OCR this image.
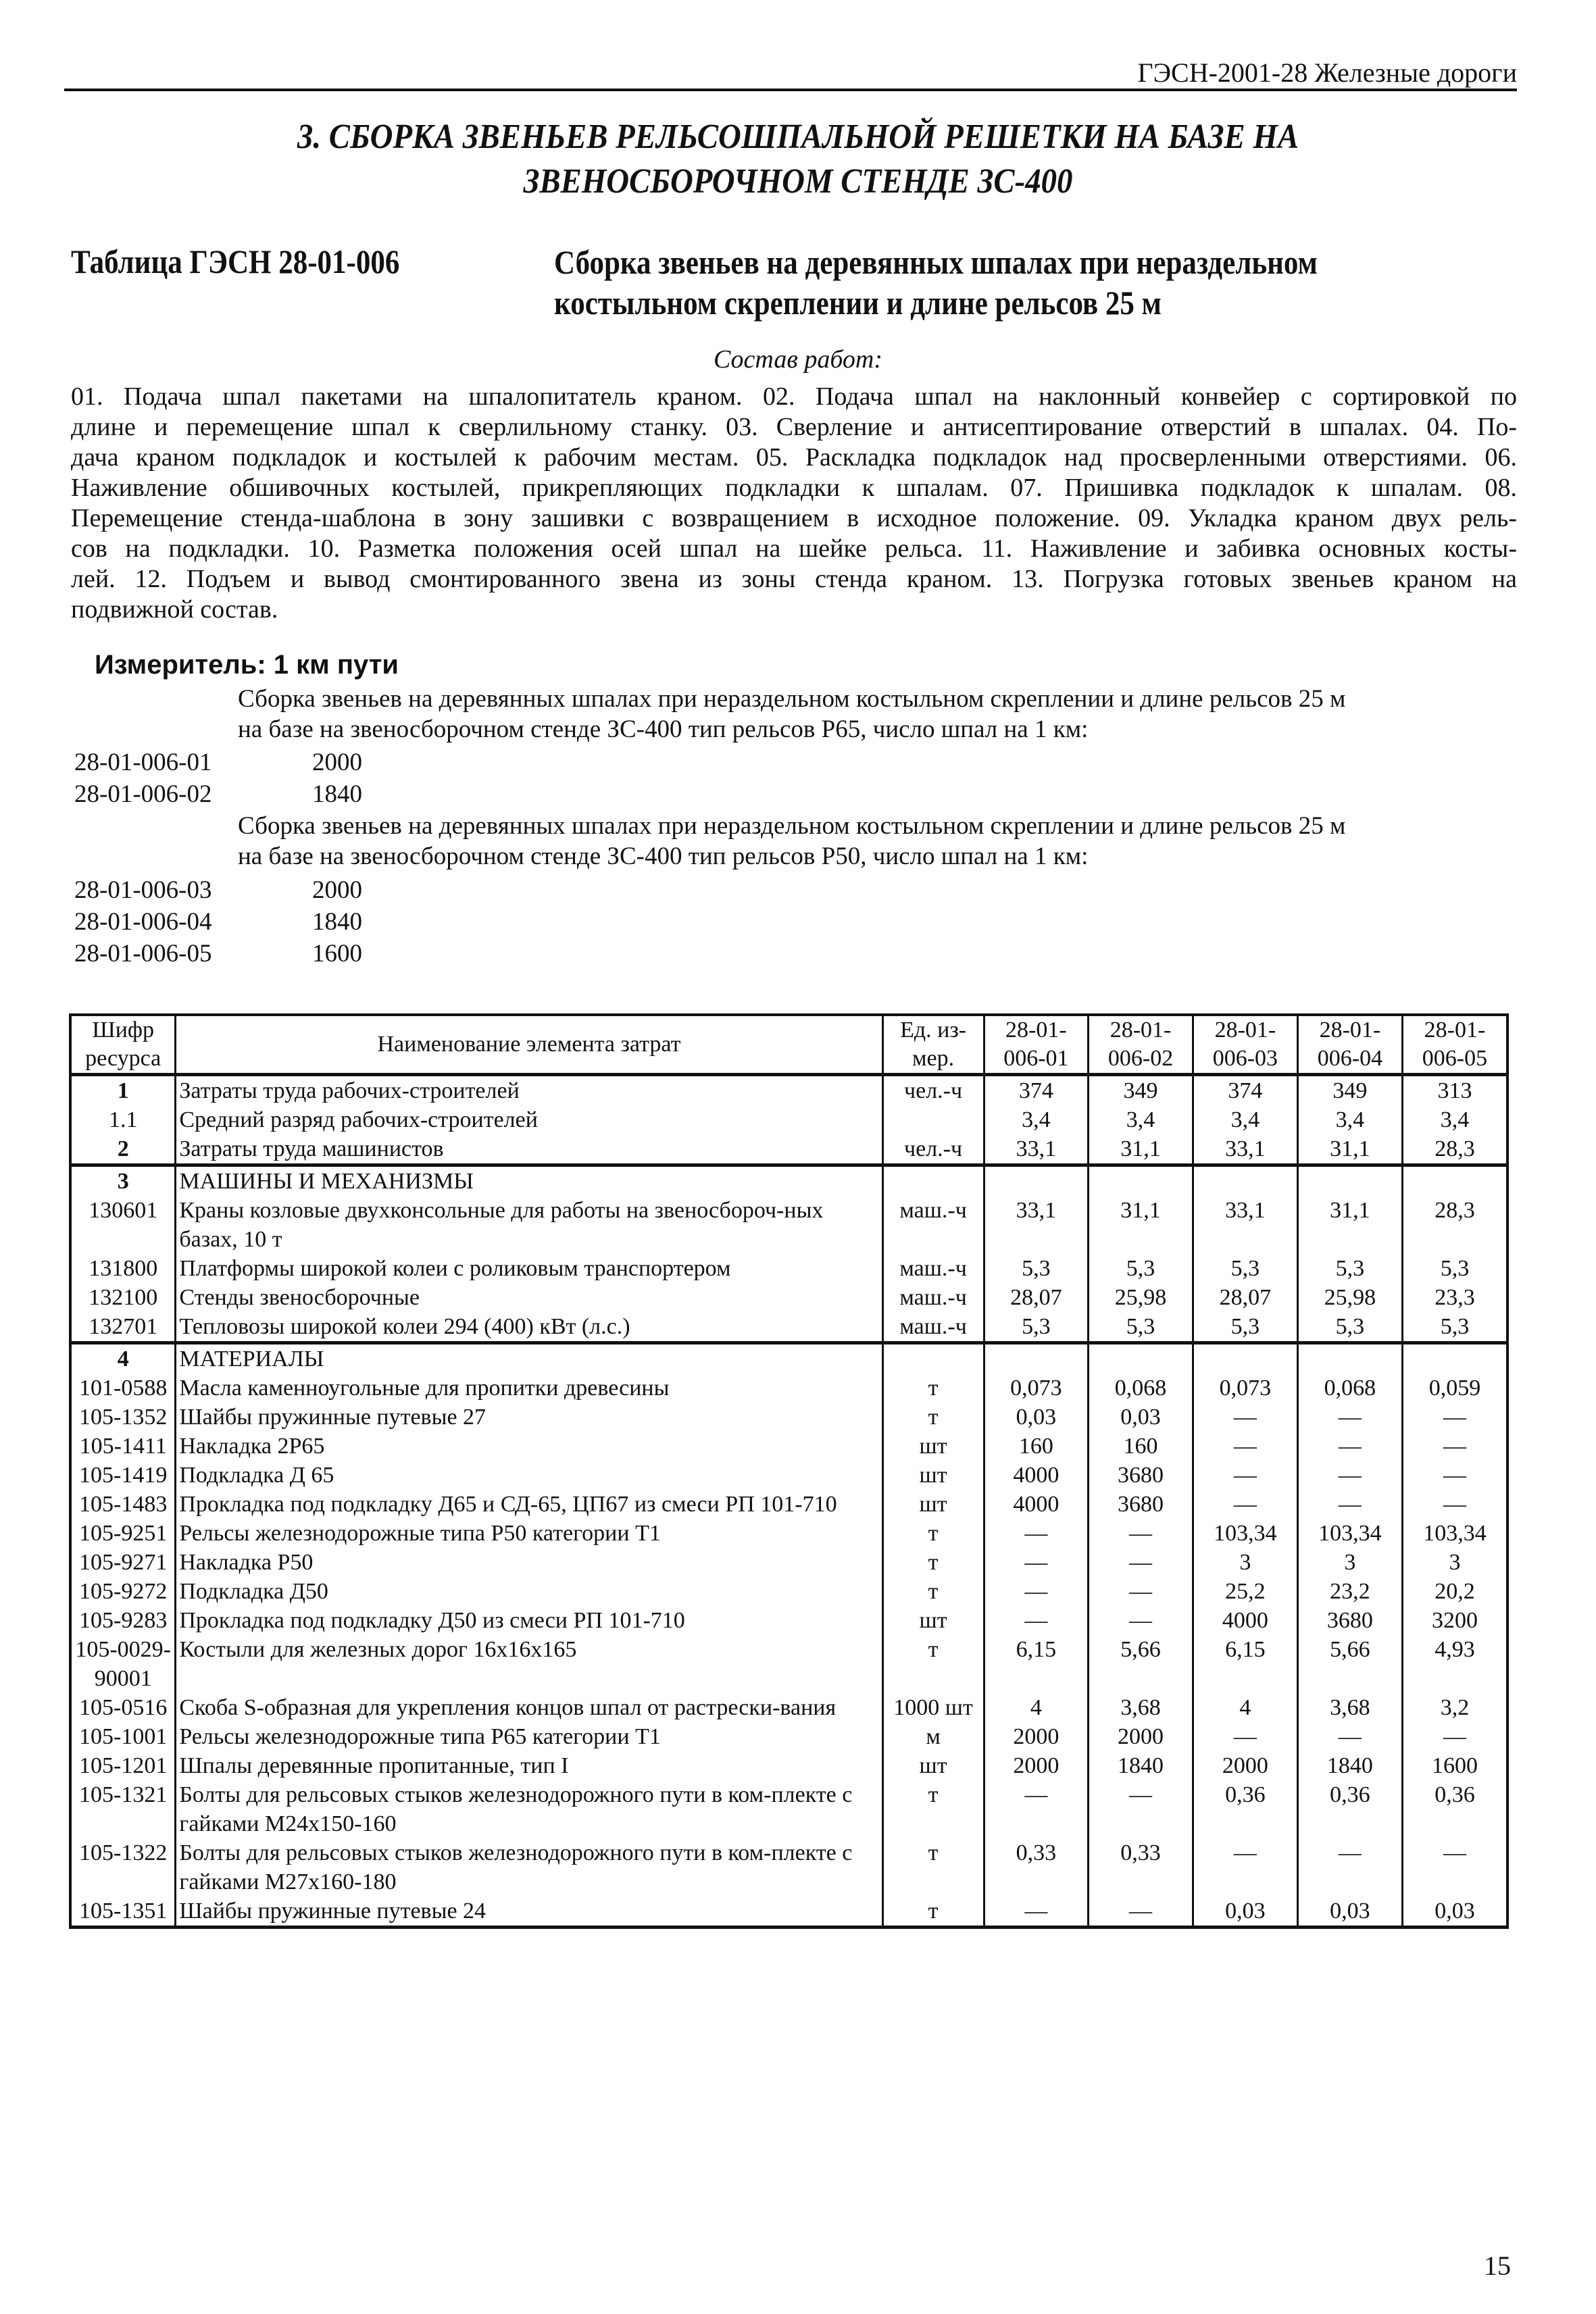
ГЭСН-2001-28 Железные дороги
3. СБОРКА ЗВЕНЬЕВ РЕЛЬСОШПАЛЬНОЙ РЕШЕТКИ НА БАЗЕ НА
ЗВЕНОСБОРОЧНОМ СТЕНДЕ ЗС-400
Таблица ГЭСН 28-01-006	Сборка звеньев на деревянных шпалах при нераздельном
костыльном скреплении и длине рельсов 25 м
Состав работ:
01. Подача шпал пакетами на шпалопитатель краном. 02. Подача шпал на наклонный конвейер с сортировкой по
длине и перемещение шпал к сверлильному станку. 03. Сверление и антисептирование отверстий в шпалах. 04. По-
дача краном подкладок и костылей к рабочим местам. 05. Раскладка подкладок над просверленными отверстиями. 06.
Наживление обшивочных костылей, прикрепляющих подкладки к шпалам. 07. Пришивка подкладок к шпалам. 08.
Перемещение стенда-шаблона в зону зашивки с возвращением в исходное положение. 09. Укладка краном двух рель-
сов на подкладки. 10. Разметка положения осей шпал на шейке рельса. 11. Наживление и забивка основных косты-
лей. 12. Подъем и вывод смонтированного звена из зоны стенда краном. 13. Погрузка готовых звеньев краном на
подвижной состав.
Измеритель: 1 км пути
Сборка звеньев на деревянных шпалах при нераздельном костыльном скреплении и длине рельсов 25 м
на базе на звеносборочном стенде ЗС-400 тип рельсов Р65, число шпал на 1 км:
28-01-006-01	2000
28-01-006-02	1840
Сборка звеньев на деревянных шпалах при нераздельном костыльном скреплении и длине рельсов 25 м
на базе на звеносборочном стенде ЗС-400 тип рельсов Р50, число шпал на 1 км:
28-01-006-03	2000
28-01-006-04	1840
28-01-006-05	1600
Шифр ресурса	Наименование элемента затрат	Ед. из-мер.	28-01-006-01	28-01-006-02	28-01-006-03	28-01-006-04	28-01-006-05
1	Затраты труда рабочих-строителей	чел.-ч	374	349	374	349	313
1.1	Средний разряд рабочих-строителей		3,4	3,4	3,4	3,4	3,4
2	Затраты труда машинистов	чел.-ч	33,1	31,1	33,1	31,1	28,3
3	МАШИНЫ И МЕХАНИЗМЫ						
130601	Краны козловые двухконсольные для работы на звеносбороч-ных базах, 10 т	маш.-ч	33,1	31,1	33,1	31,1	28,3
131800	Платформы широкой колеи с роликовым транспортером	маш.-ч	5,3	5,3	5,3	5,3	5,3
132100	Стенды звеносборочные	маш.-ч	28,07	25,98	28,07	25,98	23,3
132701	Тепловозы широкой колеи 294 (400) кВт (л.с.)	маш.-ч	5,3	5,3	5,3	5,3	5,3
4	МАТЕРИАЛЫ						
101-0588	Масла каменноугольные для пропитки древесины	т	0,073	0,068	0,073	0,068	0,059
105-1352	Шайбы пружинные путевые 27	т	0,03	0,03	—	—	—
105-1411	Накладка 2Р65	шт	160	160	—	—	—
105-1419	Подкладка Д 65	шт	4000	3680	—	—	—
105-1483	Прокладка под подкладку Д65 и СД-65, ЦП67 из смеси РП 101-710	шт	4000	3680	—	—	—
105-9251	Рельсы железнодорожные типа Р50 категории Т1	т	—	—	103,34	103,34	103,34
105-9271	Накладка Р50	т	—	—	3	3	3
105-9272	Подкладка Д50	т	—	—	25,2	23,2	20,2
105-9283	Прокладка под подкладку Д50 из смеси РП 101-710	шт	—	—	4000	3680	3200
105-0029-90001	Костыли для железных дорог 16х16х165	т	6,15	5,66	6,15	5,66	4,93
105-0516	Скоба S-образная для укрепления концов шпал от растрески-вания	1000 шт	4	3,68	4	3,68	3,2
105-1001	Рельсы железнодорожные типа Р65 категории Т1	м	2000	2000	—	—	—
105-1201	Шпалы деревянные пропитанные, тип I	шт	2000	1840	2000	1840	1600
105-1321	Болты для рельсовых стыков железнодорожного пути в ком-плекте с гайками М24х150-160	т	—	—	0,36	0,36	0,36
105-1322	Болты для рельсовых стыков железнодорожного пути в ком-плекте с гайками М27х160-180	т	0,33	0,33	—	—	—
105-1351	Шайбы пружинные путевые 24	т	—	—	0,03	0,03	0,03
15
